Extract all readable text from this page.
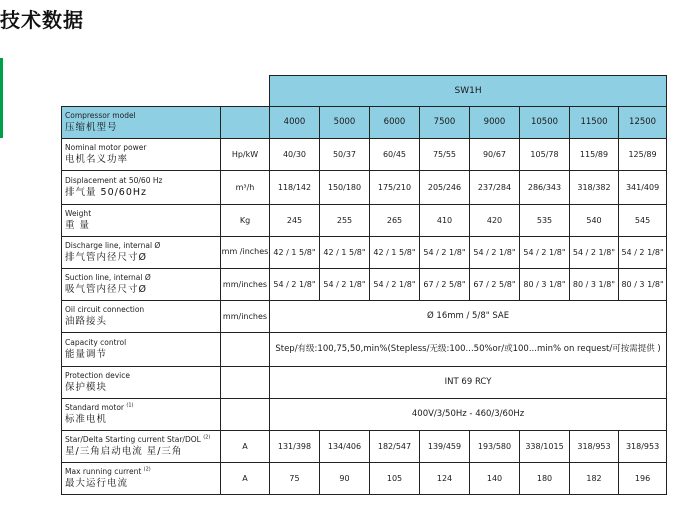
技术数据
		SW1H							

Compressor model
压缩机型号		4000	5000	6000	7500	9000	10500	11500	12500

Nominal motor power
电机名义功率	Hp/kW	40/30	50/37	60/45	75/55	90/67	105/78	115/89	125/89

Displacement at 50/60 Hz
排气量 50/60Hz	m³/h	118/142	150/180	175/210	205/246	237/284	286/343	318/382	341/409

Weight
重 量	Kg	245	255	265	410	420	535	540	545

Discharge line, internal Ø
排气管内径尺寸Ø	mm /inches	42 / 1 5/8"	42 / 1 5/8"	42 / 1 5/8"	54 / 2 1/8"	54 / 2 1/8"	54 / 2 1/8"	54 / 2 1/8"	54 / 2 1/8"

Suction line, internal Ø
吸气管内径尺寸Ø	mm/inches	54 / 2 1/8"	54 / 2 1/8"	54 / 2 1/8"	67 / 2 5/8"	67 / 2 5/8"	80 / 3 1/8"	80 / 3 1/8"	80 / 3 1/8"

Oil circuit connection
油路接头	mm/inches	Ø 16mm / 5/8" SAE							

Capacity control
能量调节		Step/有级:100,75,50,min%(Stepless/无级:100...50%or/或100...min% on request/可按需提供 )							

Protection device
保护模块		INT 69 RCY							

Standard motor $^{(1)}$
标准电机		400V/3/50Hz - 460/3/60Hz							

Star/Delta Starting current Star/DOL $^{(2)}$
星/三角启动电流 星/三角	A	131/398	134/406	182/547	139/459	193/580	338/1015	318/953	318/953

Max running current $^{(2)}$
最大运行电流	A	75	90	105	124	140	180	182	196
